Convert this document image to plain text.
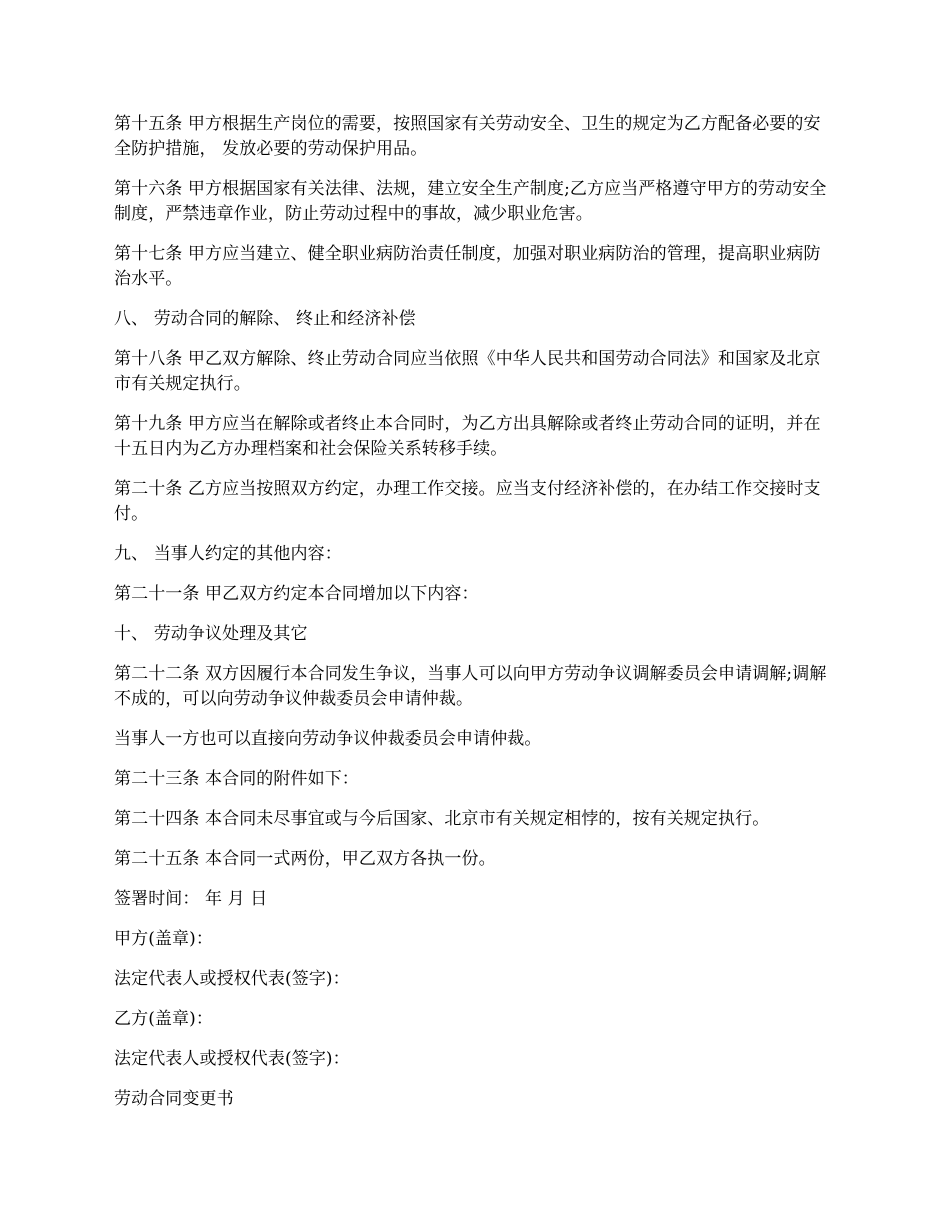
第十五条 甲方根据生产岗位的需要，按照国家有关劳动安全、卫生的规定为乙方配备必要的安全防护措施， 发放必要的劳动保护用品。

第十六条 甲方根据国家有关法律、法规，建立安全生产制度;乙方应当严格遵守甲方的劳动安全制度，严禁违章作业，防止劳动过程中的事故，减少职业危害。

第十七条 甲方应当建立、健全职业病防治责任制度，加强对职业病防治的管理，提高职业病防治水平。

八、 劳动合同的解除、 终止和经济补偿

第十八条 甲乙双方解除、终止劳动合同应当依照《中华人民共和国劳动合同法》和国家及北京市有关规定执行。

第十九条 甲方应当在解除或者终止本合同时，为乙方出具解除或者终止劳动合同的证明，并在十五日内为乙方办理档案和社会保险关系转移手续。

第二十条 乙方应当按照双方约定，办理工作交接。应当支付经济补偿的，在办结工作交接时支付。

九、 当事人约定的其他内容：

第二十一条 甲乙双方约定本合同增加以下内容：

十、 劳动争议处理及其它

第二十二条 双方因履行本合同发生争议，当事人可以向甲方劳动争议调解委员会申请调解;调解不成的，可以向劳动争议仲裁委员会申请仲裁。

当事人一方也可以直接向劳动争议仲裁委员会申请仲裁。

第二十三条 本合同的附件如下：

第二十四条 本合同未尽事宜或与今后国家、北京市有关规定相悖的，按有关规定执行。

第二十五条 本合同一式两份，甲乙双方各执一份。

签署时间： 年 月 日

甲方(盖章)：

法定代表人或授权代表(签字)：

乙方(盖章)：

法定代表人或授权代表(签字)：

劳动合同变更书
